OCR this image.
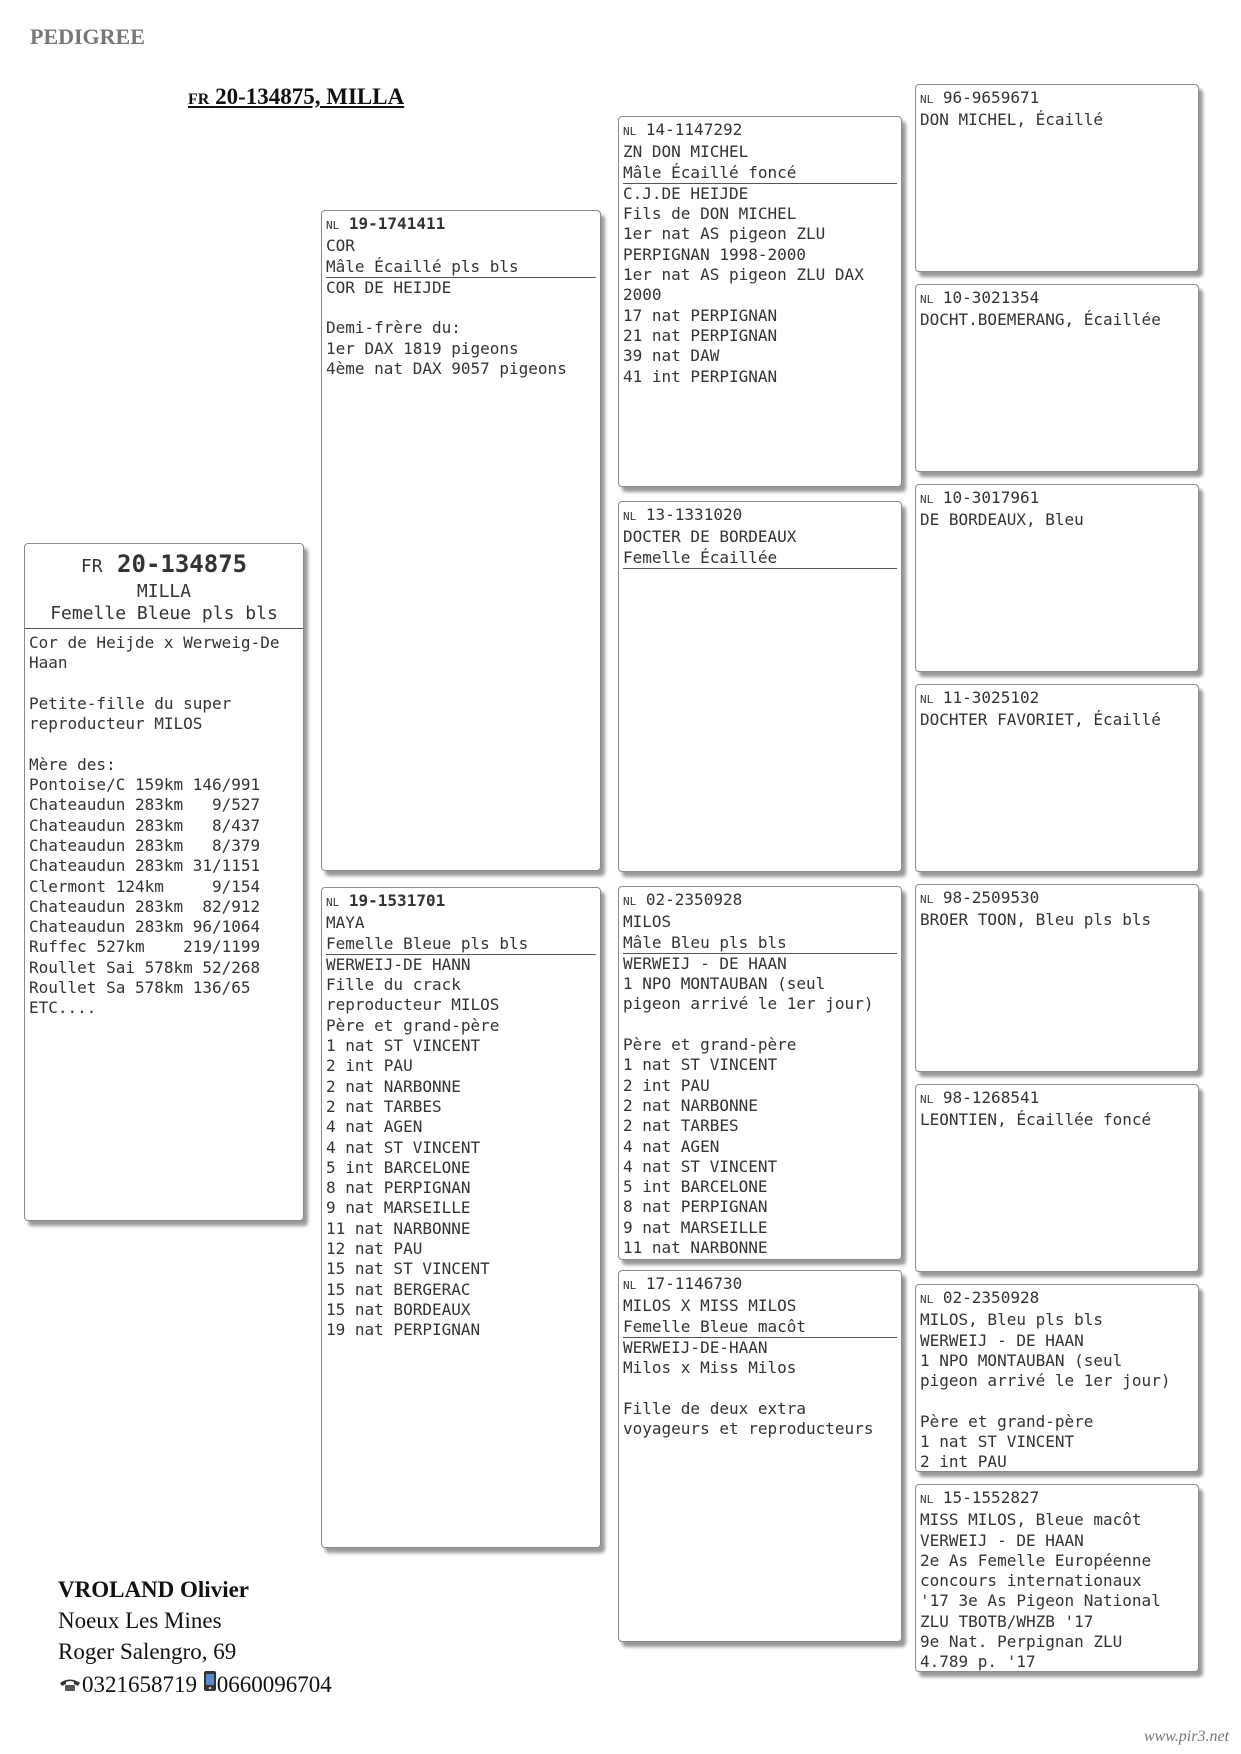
PEDIGREE
FR 20-134875, MILLA
FR 20-134875
MILLA
Femelle Bleue pls bls
Cor de Heijde x Werweig-De
Haan

Petite-fille du super
reproducteur MILOS

Mère des:
Pontoise/C 159km 146/991
Chateaudun 283km   9/527
Chateaudun 283km   8/437
Chateaudun 283km   8/379
Chateaudun 283km 31/1151
Clermont 124km     9/154
Chateaudun 283km  82/912
Chateaudun 283km 96/1064
Ruffec 527km    219/1199
Roullet Sai 578km 52/268
Roullet Sa 578km 136/65
ETC....
NL 19-1741411
COR
Mâle Écaillé pls bls
COR DE HEIJDE

Demi-frère du:
1er DAX 1819 pigeons
4ème nat DAX 9057 pigeons
NL 19-1531701
MAYA
Femelle Bleue pls bls
WERWEIJ-DE HANN
Fille du crack
reproducteur MILOS
Père et grand-père
1 nat ST VINCENT
2 int PAU
2 nat NARBONNE
2 nat TARBES
4 nat AGEN
4 nat ST VINCENT
5 int BARCELONE
8 nat PERPIGNAN
9 nat MARSEILLE
11 nat NARBONNE
12 nat PAU
15 nat ST VINCENT
15 nat BERGERAC
15 nat BORDEAUX
19 nat PERPIGNAN
NL 14-1147292
ZN DON MICHEL
Mâle Écaillé foncé
C.J.DE HEIJDE
Fils de DON MICHEL
1er nat AS pigeon ZLU
PERPIGNAN 1998-2000
1er nat AS pigeon ZLU DAX
2000
17 nat PERPIGNAN
21 nat PERPIGNAN
39 nat DAW
41 int PERPIGNAN
NL 13-1331020
DOCTER DE BORDEAUX
Femelle Écaillée
NL 02-2350928
MILOS
Mâle Bleu pls bls
WERWEIJ - DE HAAN
1 NPO MONTAUBAN (seul
pigeon arrivé le 1er jour)

Père et grand-père
1 nat ST VINCENT
2 int PAU
2 nat NARBONNE
2 nat TARBES
4 nat AGEN
4 nat ST VINCENT
5 int BARCELONE
8 nat PERPIGNAN
9 nat MARSEILLE
11 nat NARBONNE
NL 17-1146730
MILOS X MISS MILOS
Femelle Bleue macôt
WERWEIJ-DE-HAAN
Milos x Miss Milos

Fille de deux extra
voyageurs et reproducteurs
NL 96-9659671
DON MICHEL, Écaillé
NL 10-3021354
DOCHT.BOEMERANG, Écaillée
NL 10-3017961
DE BORDEAUX, Bleu
NL 11-3025102
DOCHTER FAVORIET, Écaillé
NL 98-2509530
BROER TOON, Bleu pls bls
NL 98-1268541
LEONTIEN, Écaillée foncé
NL 02-2350928
MILOS, Bleu pls bls
WERWEIJ - DE HAAN
1 NPO MONTAUBAN (seul
pigeon arrivé le 1er jour)

Père et grand-père
1 nat ST VINCENT
2 int PAU
NL 15-1552827
MISS MILOS, Bleue macôt
VERWEIJ - DE HAAN
2e As Femelle Européenne
concours internationaux
'17 3e As Pigeon National
ZLU TBOTB/WHZB '17
9e Nat. Perpignan ZLU
4.789 p. '17
VROLAND Olivier
Noeux Les Mines
Roger Salengro, 69
0321658719 0660096704
www.pir3.net
